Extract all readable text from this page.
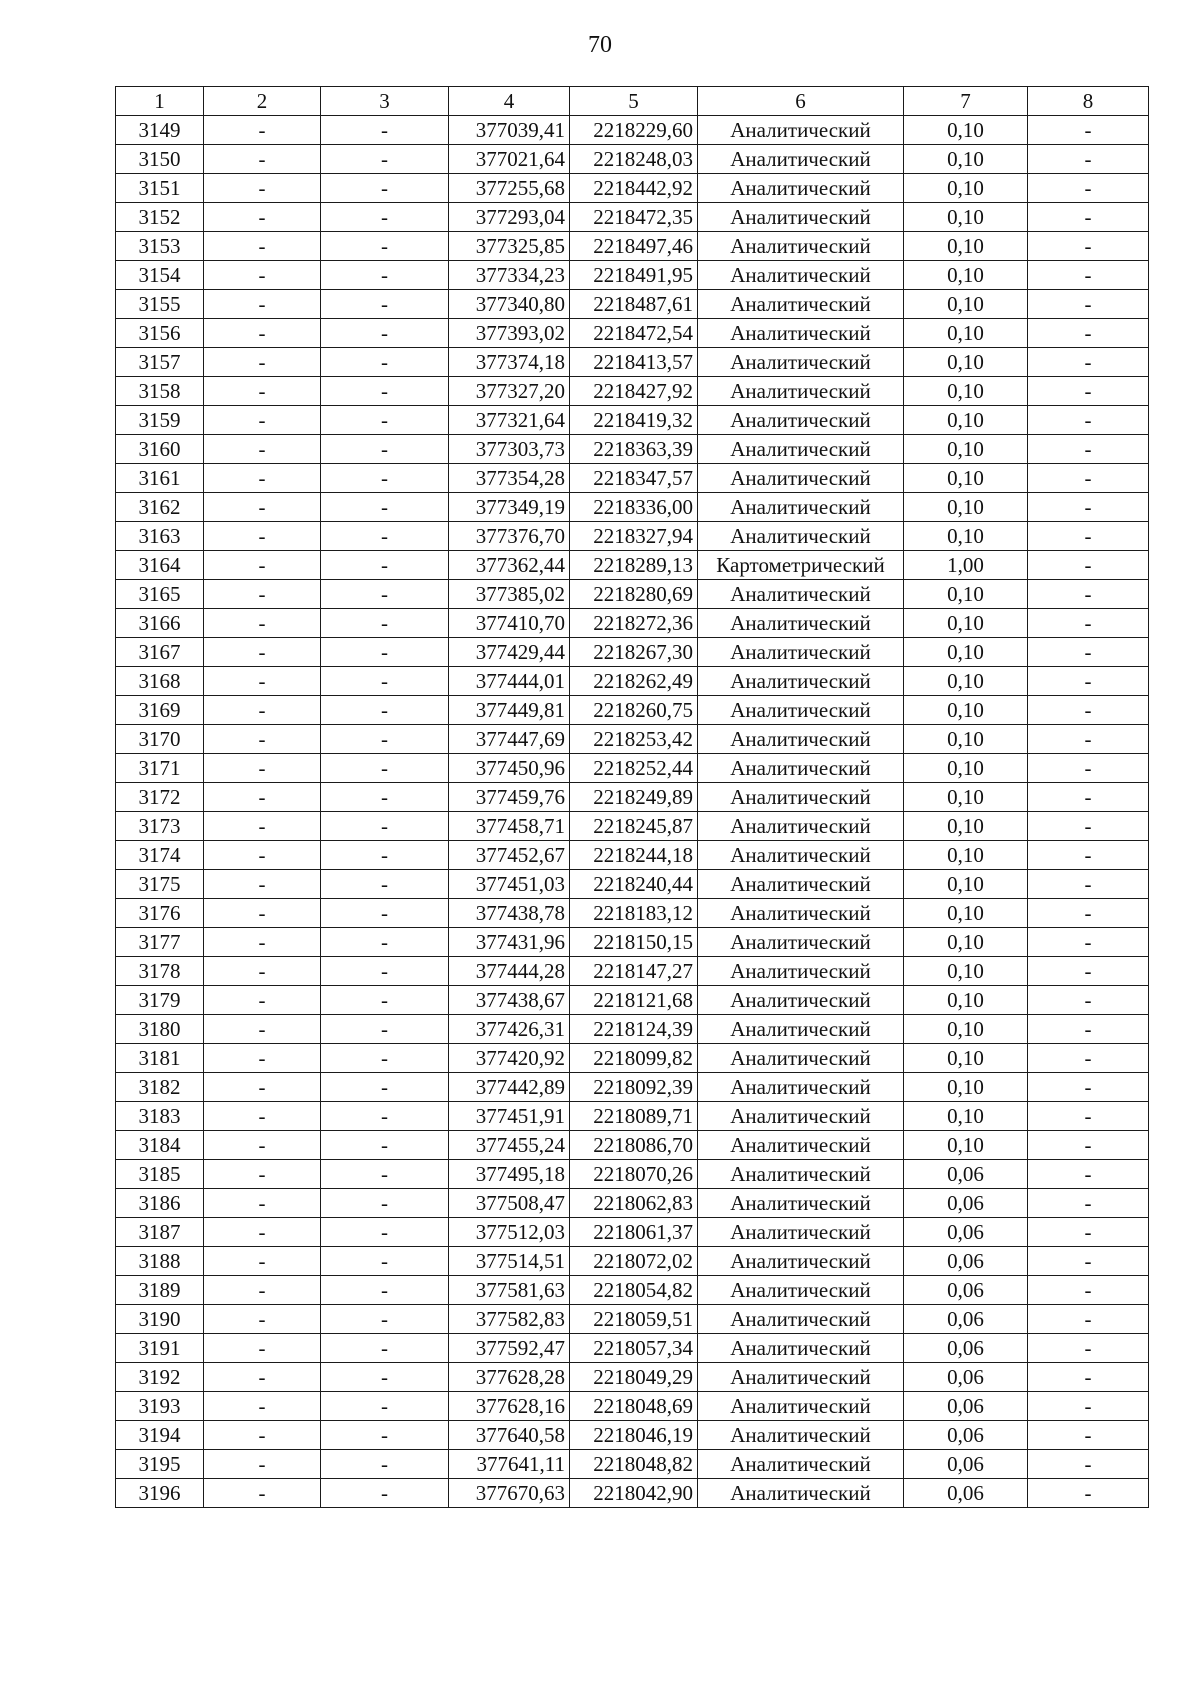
70
1	2	3	4	5	6	7	8
3149	-	-	377039,41	2218229,60	Аналитический	0,10	-
3150	-	-	377021,64	2218248,03	Аналитический	0,10	-
3151	-	-	377255,68	2218442,92	Аналитический	0,10	-
3152	-	-	377293,04	2218472,35	Аналитический	0,10	-
3153	-	-	377325,85	2218497,46	Аналитический	0,10	-
3154	-	-	377334,23	2218491,95	Аналитический	0,10	-
3155	-	-	377340,80	2218487,61	Аналитический	0,10	-
3156	-	-	377393,02	2218472,54	Аналитический	0,10	-
3157	-	-	377374,18	2218413,57	Аналитический	0,10	-
3158	-	-	377327,20	2218427,92	Аналитический	0,10	-
3159	-	-	377321,64	2218419,32	Аналитический	0,10	-
3160	-	-	377303,73	2218363,39	Аналитический	0,10	-
3161	-	-	377354,28	2218347,57	Аналитический	0,10	-
3162	-	-	377349,19	2218336,00	Аналитический	0,10	-
3163	-	-	377376,70	2218327,94	Аналитический	0,10	-
3164	-	-	377362,44	2218289,13	Картометрический	1,00	-
3165	-	-	377385,02	2218280,69	Аналитический	0,10	-
3166	-	-	377410,70	2218272,36	Аналитический	0,10	-
3167	-	-	377429,44	2218267,30	Аналитический	0,10	-
3168	-	-	377444,01	2218262,49	Аналитический	0,10	-
3169	-	-	377449,81	2218260,75	Аналитический	0,10	-
3170	-	-	377447,69	2218253,42	Аналитический	0,10	-
3171	-	-	377450,96	2218252,44	Аналитический	0,10	-
3172	-	-	377459,76	2218249,89	Аналитический	0,10	-
3173	-	-	377458,71	2218245,87	Аналитический	0,10	-
3174	-	-	377452,67	2218244,18	Аналитический	0,10	-
3175	-	-	377451,03	2218240,44	Аналитический	0,10	-
3176	-	-	377438,78	2218183,12	Аналитический	0,10	-
3177	-	-	377431,96	2218150,15	Аналитический	0,10	-
3178	-	-	377444,28	2218147,27	Аналитический	0,10	-
3179	-	-	377438,67	2218121,68	Аналитический	0,10	-
3180	-	-	377426,31	2218124,39	Аналитический	0,10	-
3181	-	-	377420,92	2218099,82	Аналитический	0,10	-
3182	-	-	377442,89	2218092,39	Аналитический	0,10	-
3183	-	-	377451,91	2218089,71	Аналитический	0,10	-
3184	-	-	377455,24	2218086,70	Аналитический	0,10	-
3185	-	-	377495,18	2218070,26	Аналитический	0,06	-
3186	-	-	377508,47	2218062,83	Аналитический	0,06	-
3187	-	-	377512,03	2218061,37	Аналитический	0,06	-
3188	-	-	377514,51	2218072,02	Аналитический	0,06	-
3189	-	-	377581,63	2218054,82	Аналитический	0,06	-
3190	-	-	377582,83	2218059,51	Аналитический	0,06	-
3191	-	-	377592,47	2218057,34	Аналитический	0,06	-
3192	-	-	377628,28	2218049,29	Аналитический	0,06	-
3193	-	-	377628,16	2218048,69	Аналитический	0,06	-
3194	-	-	377640,58	2218046,19	Аналитический	0,06	-
3195	-	-	377641,11	2218048,82	Аналитический	0,06	-
3196	-	-	377670,63	2218042,90	Аналитический	0,06	-
